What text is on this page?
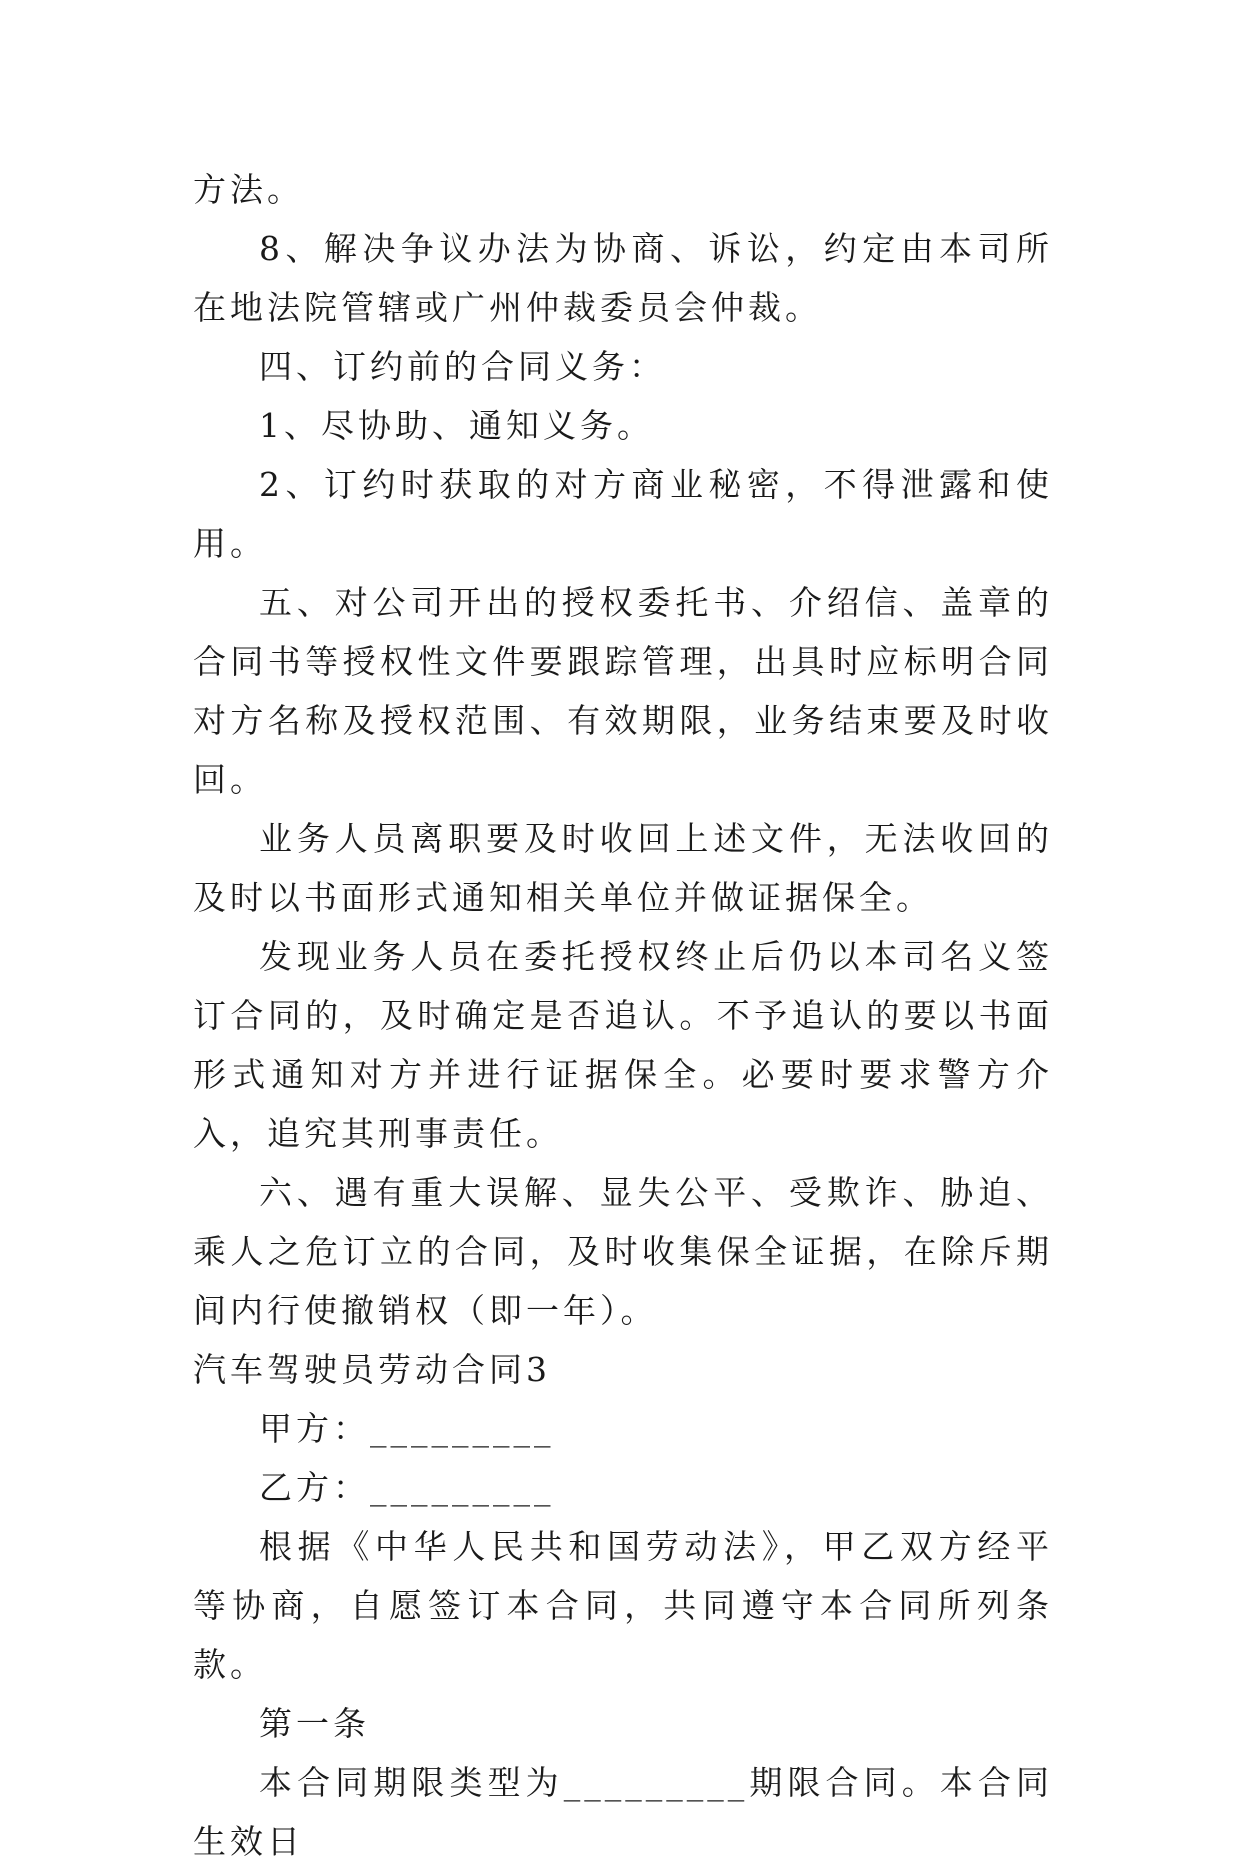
方法。

8、解决争议办法为协商、诉讼，约定由本司所在地法院管辖或广州仲裁委员会仲裁。

四、订约前的合同义务：

1、尽协助、通知义务。

2、订约时获取的对方商业秘密，不得泄露和使用。

五、对公司开出的授权委托书、介绍信、盖章的合同书等授权性文件要跟踪管理，出具时应标明合同对方名称及授权范围、有效期限，业务结束要及时收回。

业务人员离职要及时收回上述文件，无法收回的及时以书面形式通知相关单位并做证据保全。

发现业务人员在委托授权终止后仍以本司名义签订合同的，及时确定是否追认。不予追认的要以书面形式通知对方并进行证据保全。必要时要求警方介入，追究其刑事责任。

六、遇有重大误解、显失公平、受欺诈、胁迫、乘人之危订立的合同，及时收集保全证据，在除斥期间内行使撤销权（即一年）。

汽车驾驶员劳动合同3

甲方：_________

乙方：_________

根据《中华人民共和国劳动法》，甲乙双方经平等协商，自愿签订本合同，共同遵守本合同所列条款。

第一条

本合同期限类型为_________期限合同。本合同生效日
